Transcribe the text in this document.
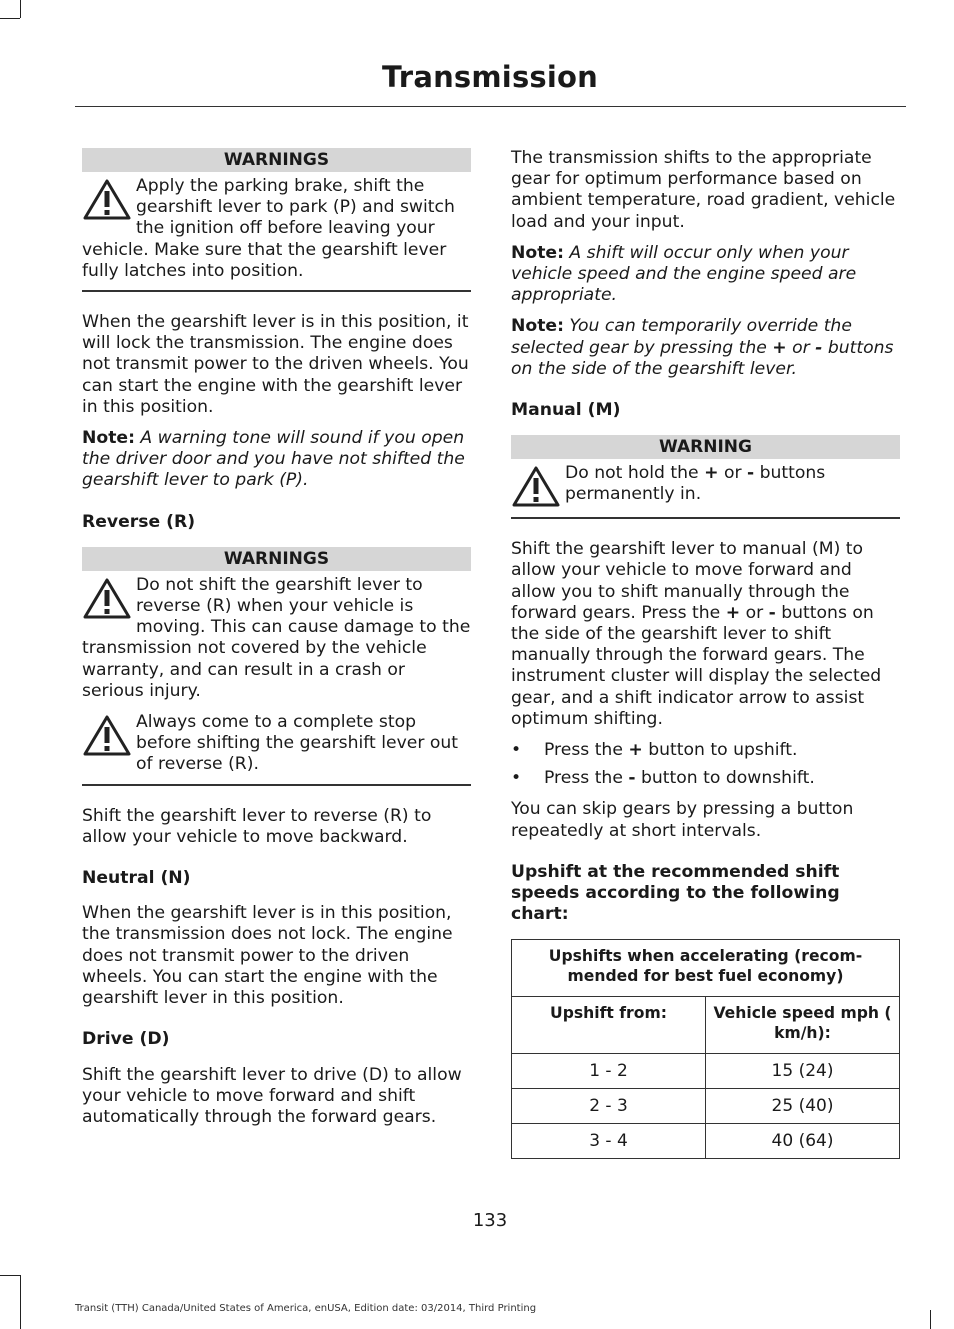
Transmission
WARNINGS
Apply the parking brake, shift the gearshift lever to park (P) and switch the ignition off before leaving your vehicle. Make sure that the gearshift lever fully latches into position.

When the gearshift lever is in this position, it will lock the transmission. The engine does not transmit power to the driven wheels. You can start the engine with the gearshift lever in this position.

Note: A warning tone will sound if you open the driver door and you have not shifted the gearshift lever to park (P).

Reverse (R)
WARNINGS
Do not shift the gearshift lever to reverse (R) when your vehicle is moving. This can cause damage to the transmission not covered by the vehicle warranty, and can result in a crash or serious injury.
Always come to a complete stop before shifting the gearshift lever out of reverse (R).

Shift the gearshift lever to reverse (R) to allow your vehicle to move backward.

Neutral (N)

When the gearshift lever is in this position, the transmission does not lock. The engine does not transmit power to the driven wheels. You can start the engine with the gearshift lever in this position.

Drive (D)

Shift the gearshift lever to drive (D) to allow your vehicle to move forward and shift automatically through the forward gears.

The transmission shifts to the appropriate gear for optimum performance based on ambient temperature, road gradient, vehicle load and your input.

Note: A shift will occur only when your vehicle speed and the engine speed are appropriate.

Note: You can temporarily override the selected gear by pressing the + or - buttons on the side of the gearshift lever.

Manual (M)
WARNING
Do not hold the + or - buttons permanently in.

Shift the gearshift lever to manual (M) to allow your vehicle to move forward and allow you to shift manually through the forward gears. Press the + or - buttons on the side of the gearshift lever to shift manually through the forward gears. The instrument cluster will display the selected gear, and a shift indicator arrow to assist optimum shifting.

• Press the + button to upshift.
• Press the - button to downshift.

You can skip gears by pressing a button repeatedly at short intervals.

Upshift at the recommended shift speeds according to the following chart:
Upshifts when accelerating (recom-mended for best fuel economy)	
Upshift from:	Vehicle speed mph ( km/h):
1 - 2	15 (24)
2 - 3	25 (40)
3 - 4	40 (64)
133
Transit (TTH) Canada/United States of America, enUSA, Edition date: 03/2014, Third Printing
